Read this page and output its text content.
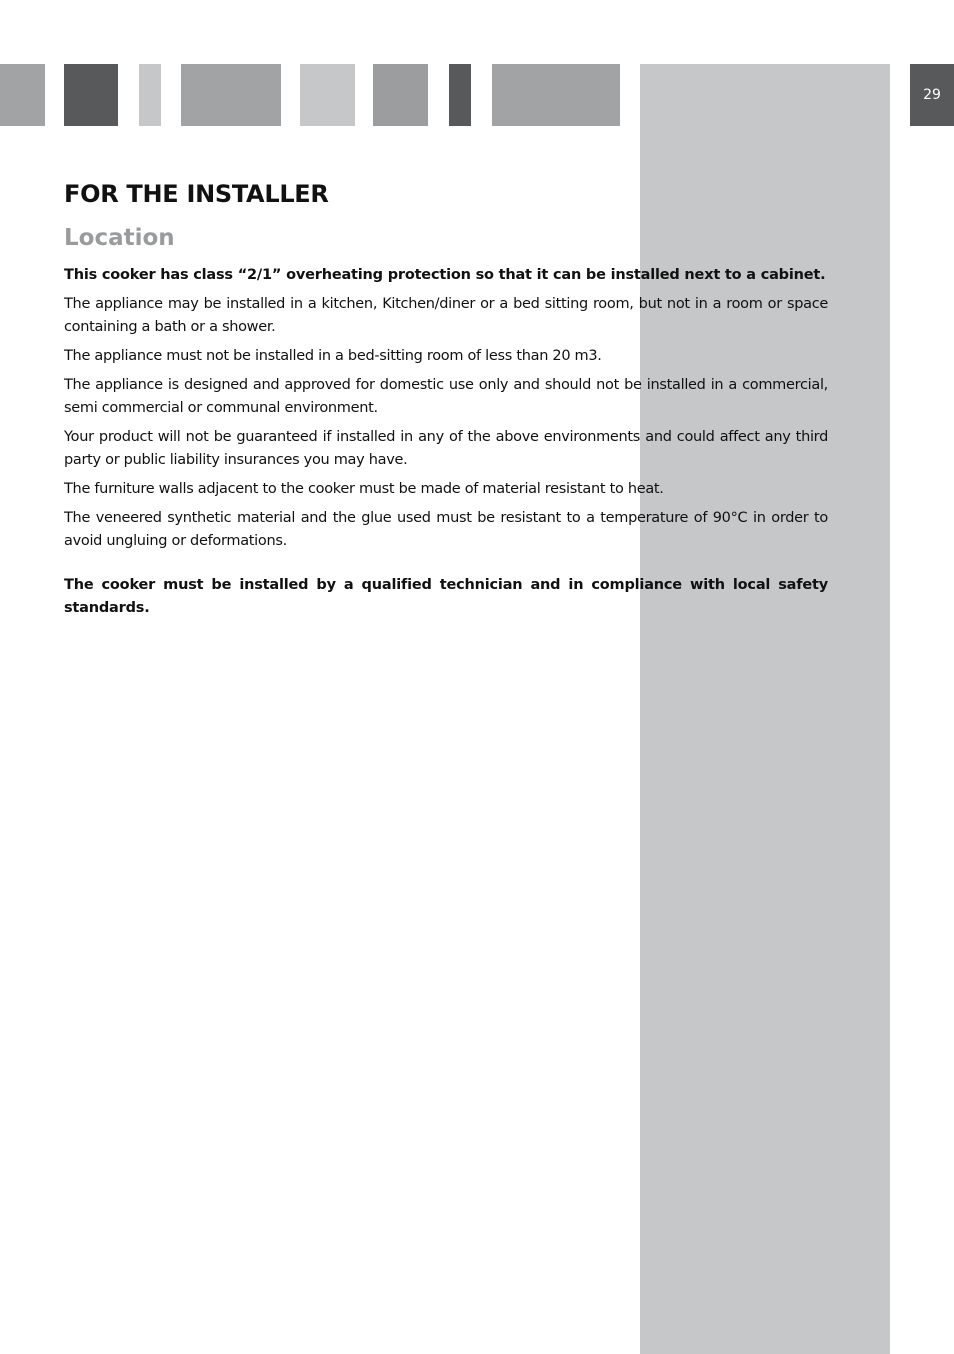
29
FOR THE INSTALLER
Location

This cooker has class “2/1” overheating protection so that it can be installed next to a cabinet.

The appliance may be installed in a kitchen, Kitchen/diner or a bed sitting room, but not in a room or space containing a bath or a shower.

The appliance must not be installed in a bed-sitting room of less than 20 m3.

The appliance is designed and approved for domestic use only and should not be installed in a commercial, semi commercial or communal environment.

Your product will not be guaranteed if installed in any of the above environments and could affect any third party or public liability insurances you may have.

The furniture walls adjacent to the cooker must be made of material resistant to heat.

The veneered synthetic material and the glue used must be resistant to a temperature of 90°C in order to avoid ungluing or deformations.

The cooker must be installed by a qualified technician and in compliance with local safety standards.
